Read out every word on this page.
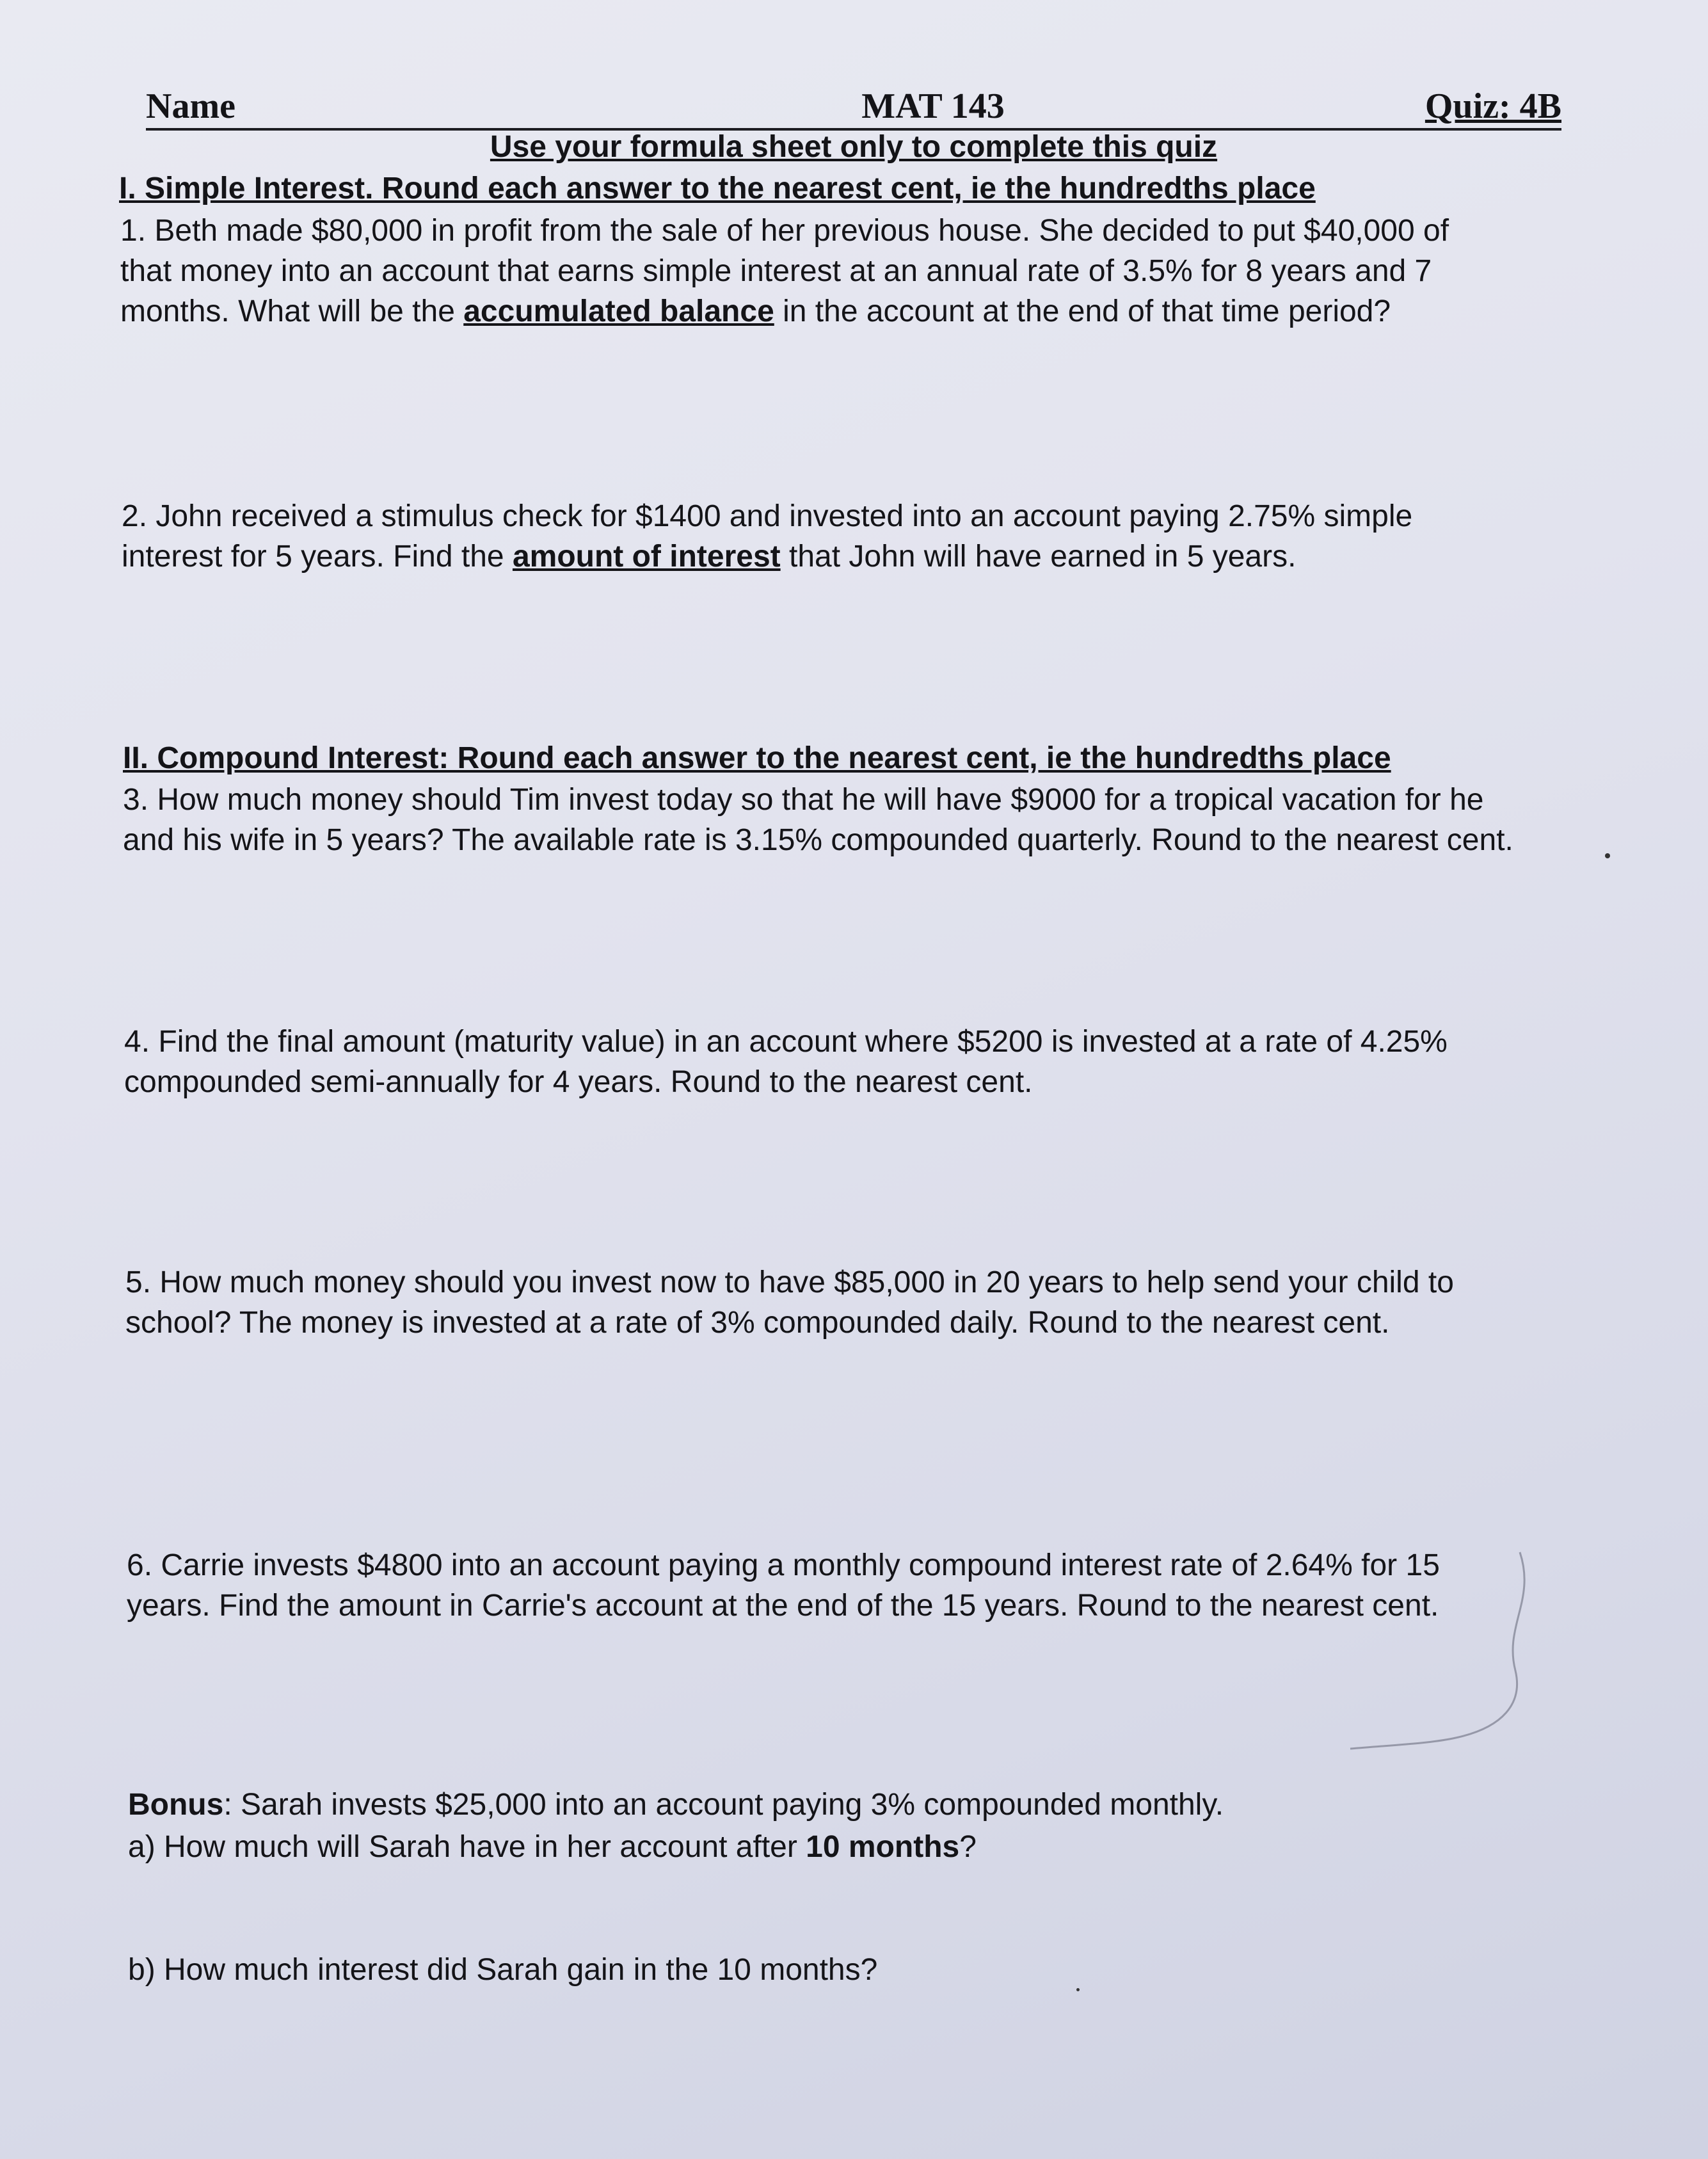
Name	MAT 143	Quiz: 4B
Use your formula sheet only to complete this quiz
I. Simple Interest. Round each answer to the nearest cent, ie the hundredths place
1. Beth made $80,000 in profit from the sale of her previous house. She decided to put $40,000 of
that money into an account that earns simple interest at an annual rate of 3.5% for 8 years and 7
months. What will be the accumulated balance in the account at the end of that time period?
2. John received a stimulus check for $1400 and invested into an account paying 2.75% simple
interest for 5 years. Find the amount of interest that John will have earned in 5 years.
II. Compound Interest: Round each answer to the nearest cent, ie the hundredths place
3. How much money should Tim invest today so that he will have $9000 for a tropical vacation for he
and his wife in 5 years? The available rate is 3.15% compounded quarterly. Round to the nearest cent.
4. Find the final amount (maturity value) in an account where $5200 is invested at a rate of 4.25%
compounded semi-annually for 4 years. Round to the nearest cent.
5. How much money should you invest now to have $85,000 in 20 years to help send your child to
school? The money is invested at a rate of 3% compounded daily. Round to the nearest cent.
6. Carrie invests $4800 into an account paying a monthly compound interest rate of 2.64% for 15
years. Find the amount in Carrie's account at the end of the 15 years. Round to the nearest cent.
Bonus: Sarah invests $25,000 into an account paying 3% compounded monthly.
a) How much will Sarah have in her account after 10 months?
b) How much interest did Sarah gain in the 10 months?
